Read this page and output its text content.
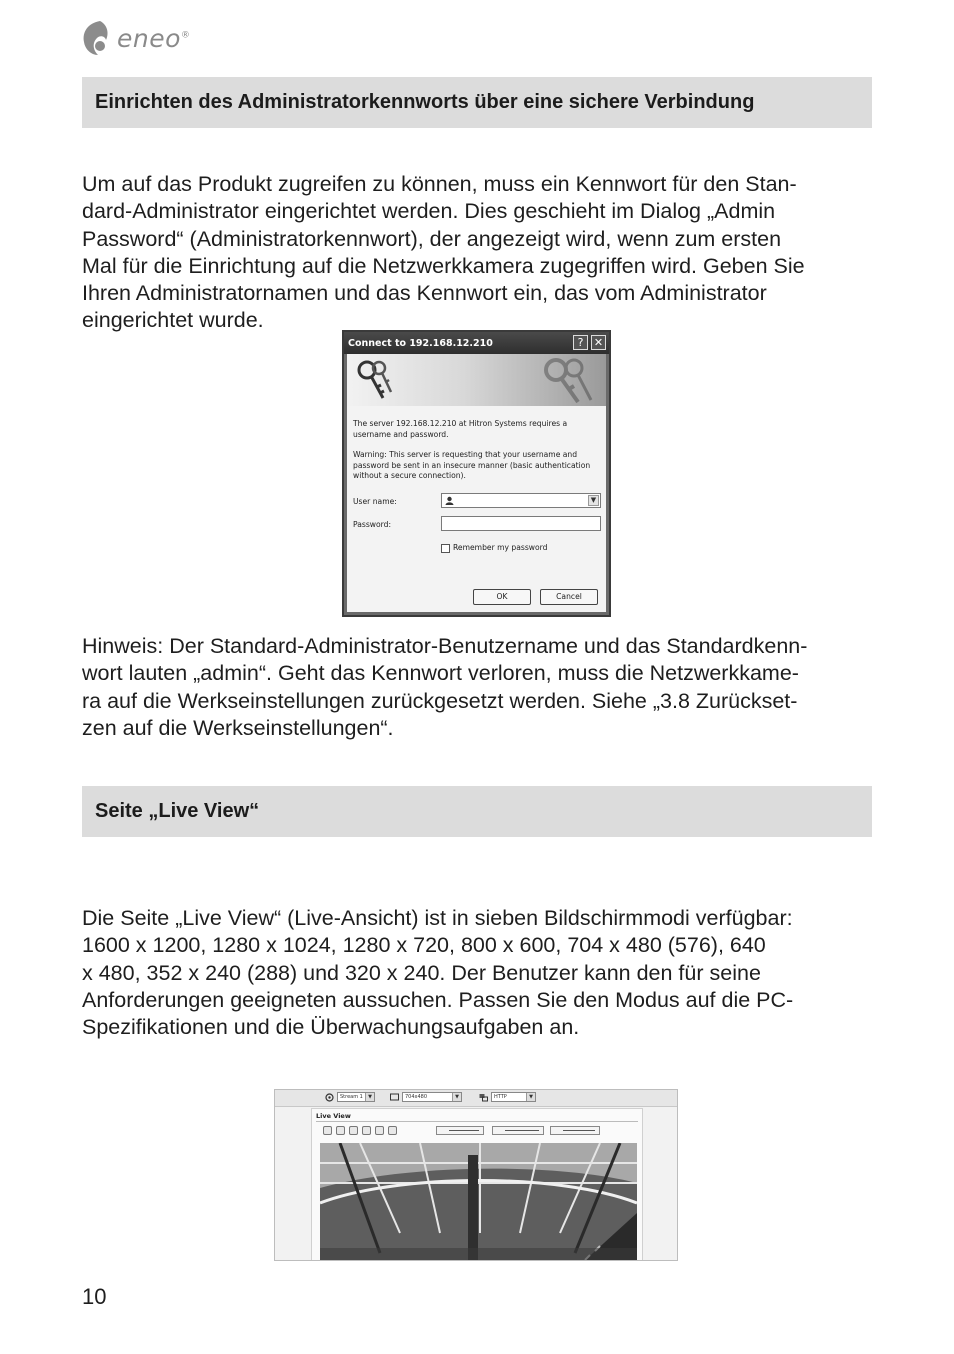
eneo®
Einrichten des Administratorkennworts über eine sichere Verbindung

Um auf das Produkt zugreifen zu können, muss ein Kennwort für den Stan-
dard-Administrator eingerichtet werden. Dies geschieht im Dialog „Admin
Password“ (Administratorkennwort), der angezeigt wird, wenn zum ersten
Mal für die Einrichtung auf die Netzwerkkamera zugegriffen wird. Geben Sie
Ihren Administratornamen und das Kennwort ein, das vom Administrator
eingerichtet wurde.

Connect to 192.168.12.210	? ✕
The server 192.168.12.210 at Hitron Systems requires a username and password.
Warning: This server is requesting that your username and password be sent in an insecure manner (basic authentication without a secure connection).
User name:	▼
Password:
Remember my password
OK	Cancel

Hinweis: Der Standard-Administrator-Benutzername und das Standardkenn-
wort lauten „admin“. Geht das Kennwort verloren, muss die Netzwerkkame-
ra auf die Werkseinstellungen zurückgesetzt werden. Siehe „3.8 Zurückset-
zen auf die Werkseinstellungen“.

Seite „Live View“

Die Seite „Live View“ (Live-Ansicht) ist in sieben Bildschirmmodi verfügbar:
1600 x 1200, 1280 x 1024, 1280 x 720, 800 x 600, 704 x 480 (576), 640
x 480, 352 x 240 (288) und 320 x 240. Der Benutzer kann den für seine
Anforderungen geeigneten aussuchen. Passen Sie den Modus auf die PC-
Spezifikationen und die Überwachungsaufgaben an.

Stream 1	▼	704x480	▼	HTTP	▼
Live View
10
